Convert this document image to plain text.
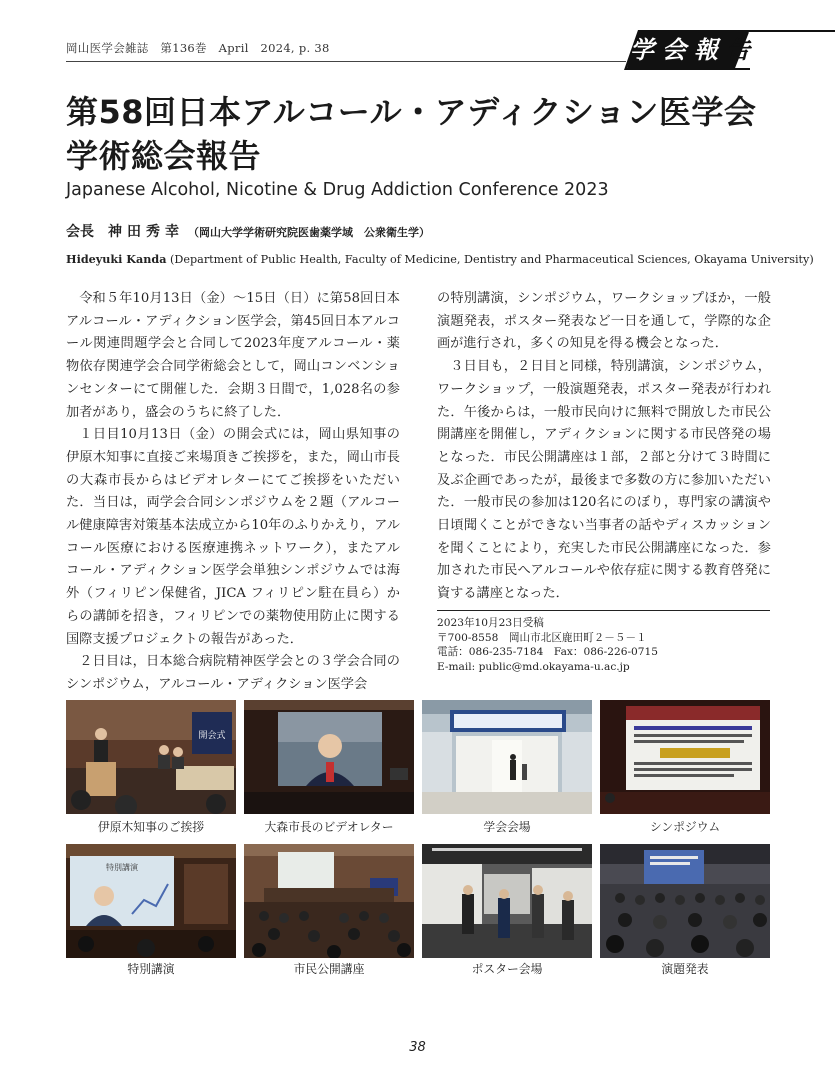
岡山医学会雑誌　第136巻　April　2024, p. 38	学 会 報 告
第58回日本アルコール・アディクション医学会
学術総会報告
Japanese Alcohol, Nicotine & Drug Addiction Conference 2023
会長 神田秀幸 （岡山大学学術研究院医歯薬学域　公衆衛生学）
Hideyuki Kanda (Department of Public Health, Faculty of Medicine, Dentistry and Pharmaceutical Sciences, Okayama University)

令和５年10月13日（金）～15日（日）に第58回日本アルコール・アディクション医学会，第45回日本アルコール関連問題学会と合同して2023年度アルコール・薬物依存関連学会合同学術総会として，岡山コンベンションセンターにて開催した．会期３日間で，1,028名の参加者があり，盛会のうちに終了した．

１日目10月13日（金）の開会式には，岡山県知事の伊原木知事に直接ご来場頂きご挨拶を，また，岡山市長の大森市長からはビデオレターにてご挨拶をいただいた．当日は，両学会合同シンポジウムを２題（アルコール健康障害対策基本法成立から10年のふりかえり，アルコール医療における医療連携ネットワーク），またアルコール・アディクション医学会単独シンポジウムでは海外（フィリピン保健省，JICA フィリピン駐在員ら）からの講師を招き，フィリピンでの薬物使用防止に関する国際支援プロジェクトの報告があった．

２日目は，日本総合病院精神医学会との３学会合同のシンポジウム，アルコール・アディクション医学会

の特別講演，シンポジウム，ワークショップほか，一般演題発表，ポスター発表など一日を通して，学際的な企画が進行され，多くの知見を得る機会となった．

３日目も，２日目と同様，特別講演，シンポジウム，ワークショップ，一般演題発表，ポスター発表が行われた．午後からは，一般市民向けに無料で開放した市民公開講座を開催し，アディクションに関する市民啓発の場となった．市民公開講座は１部，２部と分けて３時間に及ぶ企画であったが，最後まで多数の方に参加いただいた．一般市民の参加は120名にのぼり，専門家の講演や日頃聞くことができない当事者の話やディスカッションを聞くことにより，充実した市民公開講座になった．参加された市民へアルコールや依存症に関する教育啓発に資する講座となった．

2023年10月23日受稿
〒700-8558　岡山市北区鹿田町２－５－１
電話：086-235-7184　Fax：086-226-0715
E-mail: public@md.okayama-u.ac.jp
開会式
伊原木知事のご挨拶	大森市長のビデオレター	学会会場	シンポジウム
特別講演
特別講演	市民公開講座	ポスター会場	演題発表
38
